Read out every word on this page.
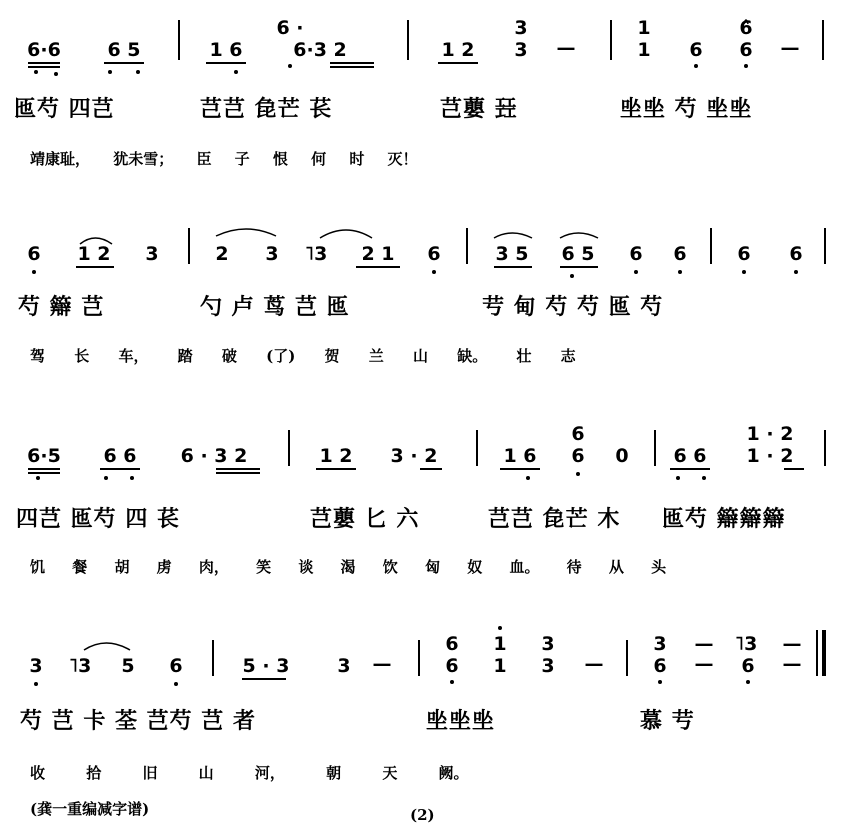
6·6 6 5	1 6
6 ·
6·3 2	1 2
3
3 —
1
1 6
6
6 —
匜芍 四芑	芑芑 㲋芒 苌	芑蘡 㠭	㘴㘴 芍 㘴㘴
靖康耻， 犹未雪； 臣 子 恨 何 时 灭！
6 1 2 3	2 3 ˥3 2 1 6	3 5 6 5 6 6	6 6
芍 䉸 芑	勺 卢 茑 芑 匜	䒓 甸 芍 芍 匜 芍
驾 长 车， 踏 破 (了) 贺 兰 山 缺。 壮 志
6·5 6 6 6 · 3 2	1 2 3 · 2	1 6
6
6 0 6 6
1 · 2
1 · 2
四芑 匜芍 四 苌	芑蘡 匕 六	芑芑 㲋芒 木 匜芍 䉸䉸䉸
饥 餐 胡 虏 肉， 笑 谈 渴 饮 匈 奴 血。 待 从 头
3 ˥3 5 6	5 · 3	3 —
6
6
1
1
3
3 —
3
6
—
—
˥3
6
—
—
芍 芑 卡 荃 芑芍 芑 者	㘴㘴㘴	慕 䒓
收 拾 旧 山 河， 朝 天 阙。
(龚一重编减字谱)	(2)
